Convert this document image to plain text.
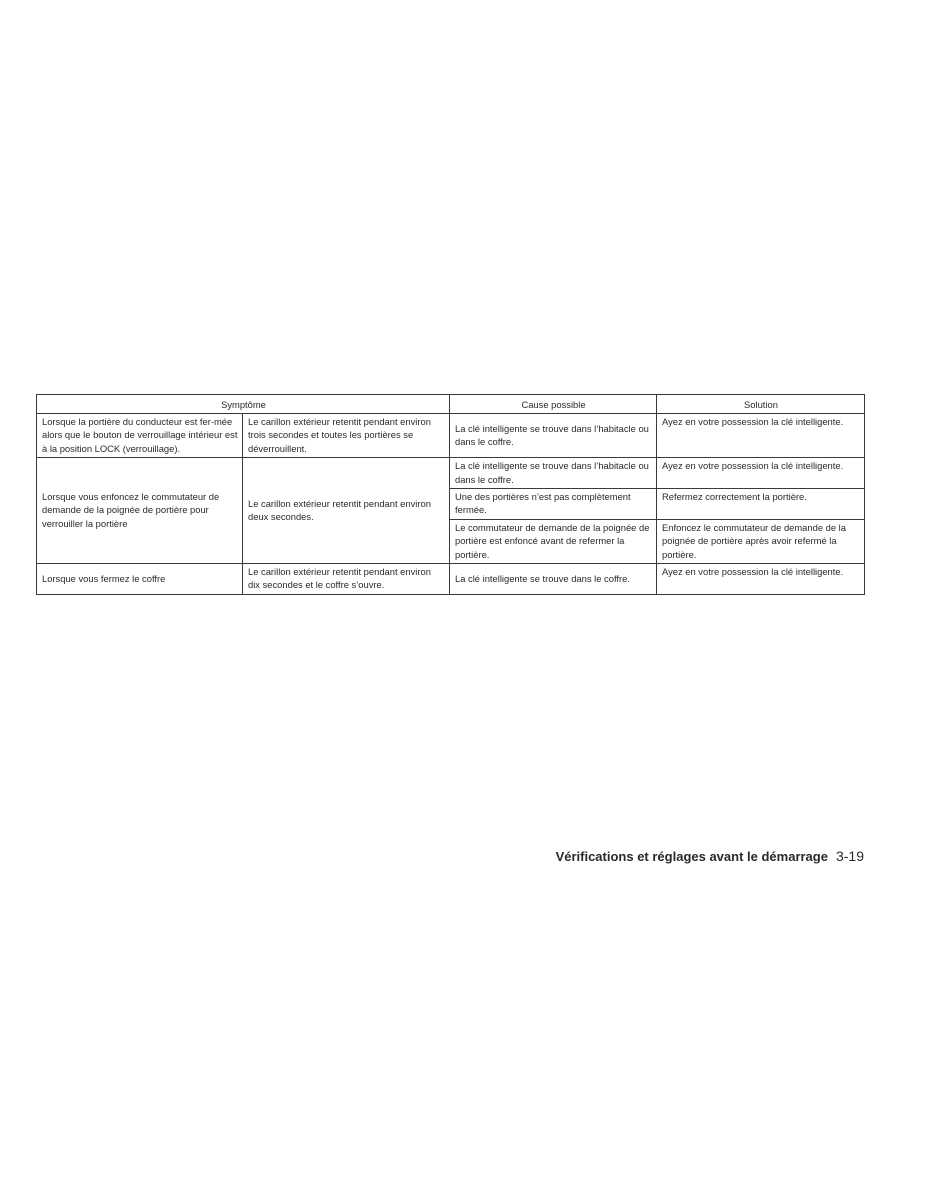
Symptôme		Cause possible	Solution
Lorsque la portière du conducteur est fer-mée alors que le bouton de verrouillage intérieur est à la position LOCK (verrouillage).	Le carillon extérieur retentit pendant environ trois secondes et toutes les portières se déverrouillent.	La clé intelligente se trouve dans l’habitacle ou dans le coffre.	Ayez en votre possession la clé intelligente.
Lorsque vous enfoncez le commutateur de demande de la poignée de portière pour verrouiller la portière	Le carillon extérieur retentit pendant environ deux secondes.	La clé intelligente se trouve dans l’habitacle ou dans le coffre.	Ayez en votre possession la clé intelligente.
		Une des portières n’est pas complètement fermée.	Refermez correctement la portière.
		Le commutateur de demande de la poignée de portière est enfoncé avant de refermer la portière.	Enfoncez le commutateur de demande de la poignée de portière après avoir refermé la portière.
Lorsque vous fermez le coffre	Le carillon extérieur retentit pendant environ dix secondes et le coffre s’ouvre.	La clé intelligente se trouve dans le coffre.	Ayez en votre possession la clé intelligente.
Vérifications et réglages avant le démarrage 3-19
